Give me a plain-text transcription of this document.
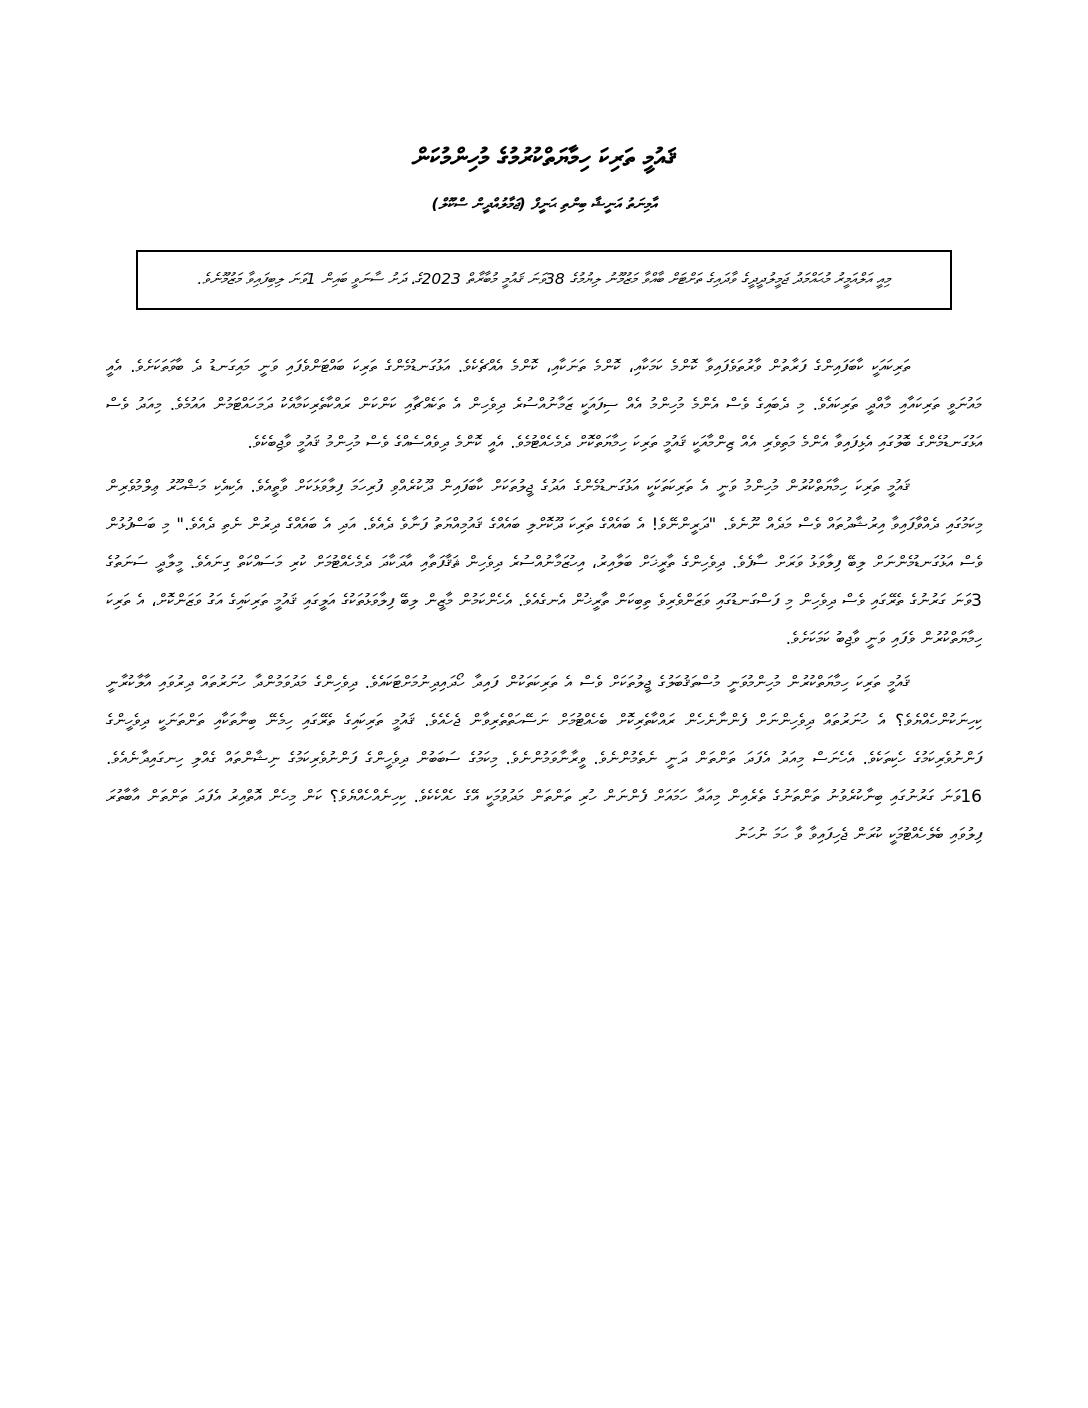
ޤައުމީ ތަރިކަ ހިމާޔަތްކުރުމުގެ މުހިންމުކަން
އާމިނަތު އަނީޝާ ބިންތި ޙަނީފް (ޖަމާލުއްދީން ސްކޫލް)

މިއީ އަލްއަމީރު މުޙައްމަދު ޖަމީލުދީދީގެ ވާދައިގެ ތަށްޓަށް ބާއްވާ މަޒުމޫނު ލިޔުމުގެ 38ވަނަ ޤައުމީ މުބާރާތް 2023ގެ، ދަށު ސާނަވީ ބައިން 1ވަނަ ލިބިފައިވާ މަޒުމޫނެވެ.

ތަރިކައަކީ ކާބަފައިންގެ ފަރާތުން ވާރުތަވެފައިވާ ކޮންމެ ކަމަކާއި، ކޮންމެ ތަނަކާއި، ކޮންމެ އެއްޗެކެވެ. އަޅުގަނޑުމެންގެ ތަރިކަ ބައްޓަންވެފައި ވަނީ މައިގަނޑު ދެ ބާވަތަކަށެވެ. އެއީ މައުނަވީ ތަރިކައާއި މާއްދީ ތަރިކައެވެ. މި ދެބައިގެ ވެސް އެންމެ މުހިންމު އެއް ސިފައަކީ ޒަމާނުއްސުރެ ދިވެހިން އެ ތަކެއްޗާއި ކަންކަން ރައްކާތެރިކަމާއެކު ދަމަހައްޓަމުން އައުމެވެ. މިއަދު ވެސް އަޅުގަނޑުމެންގެ ބޮލުގައި އެޅިފައިވާ އެންމެ މަތިވެރި އެއް ޒިންމާއަކީ ޤައުމީ ތަރިކަ ހިމާޔަތްކޮށް ދެމެހެއްޓުމެވެ. އެއީ ކޮންމެ ދިވެއްސެއްގެ ވެސް މުހިންމު ޤައުމީ ވާޖިބެކެވެ.

ޤައުމީ ތަރިކަ ހިމާޔަތްކުރުން މުހިންމު ވަނީ އެ ތަރިކަތަކަކީ އަޅުގަނޑުމެންގެ އަދުގެ ޖީލުތަކަށް ކާބަފައިން ދޫކުރެއްވި ފުރިހަމަ ފިލާވަޅަކަށް ވާތީއެވެ. އެކިއެކި މަޝްހޫރު ޢިލްމުވެރިން މިކަމުގައި ދެއްވާފައިވާ އިރުޝާދުތައް ވެސް މަދެއް ނޫނެވެ. "ދަރީންނޭވެ! އެ ބައެއްގެ ތަރިކަ ދޫކޮށްލި ބައެއްގެ ޤައުމިއްޔަތު ފަނާވެ ދެއެވެ. އަދި އެ ބައެއްގެ ދިރުން ނެތި ދެއެވެ." މި ބަސްފުޅުން ވެސް އަޅުގަނޑުމެންނަށް ލިބޭ ފިލާވަޅު ވަރަށް ސާފެވެ. ދިވެހިންގެ ތާރީޚަށް ބަލާއިރު، އިހުޒަމާނުއްސުރެ ދިވެހިން ޘަޤާފަތާއި އާދަކާދަ ދެމެހެއްޓުމަށް ކުރި މަސައްކަތް ގިނައެވެ. މީލާދީ ސަނަތުގެ 3ވަނަ ގަރުނުގެ ތެރޭގައި ވެސް ދިވެހިން މި ފަސްގަނޑުގައި ވަޒަންވެރިވެ ތިބިކަން ތާރީޚުން އެނގެއެވެ. އެހެންކަމުން މާޒީން ލިބޭ ފިލާވަޅުތަކުގެ އަލީގައި ޤައުމީ ތަރިކައިގެ އަގު ވަޒަންކޮށް، އެ ތަރިކަ ހިމާޔަތްކުރުން ވެފައި ވަނީ ވާޖިބު ކަމަކަށެވެ.

ޤައުމީ ތަރިކަ ހިމާޔަތްކުރުން މުހިންމުވަނީ މުސްތަޤުބަލުގެ ޖީލުތަކަށް ވެސް އެ ތަރިކަތަކުން ފައިދާ ހޯދައިދިނުމަށްޓަކައެވެ. ދިވެހިންގެ މަދުވަމުންދާ ހުނަރުތައް ދިރުވައި އާލާކުރާނީ ކިހިނަކުންހެއްޔެވެ؟ އެ ހުނަރުތައް ދިވެހިންނަށް ފެންނާނެހެން ރައްކާތެރިކޮށް ބެހެއްޓުމަށް ނަސޭހަތްތެރިވާން ޖެހެއެވެ. ޤައުމީ ތަރިކައިގެ ތެރޭގައި ހިމެނޭ ބިނާތަކާއި ތަންތަނަކީ ދިވެހީންގެ ފަންނުވެރިކަމުގެ ހެކިތަކެވެ. އެހެނަސް މިއަދު އެފަދަ ތަންތަން ދަނީ ނެތެމުންނެވެ. ވީރާނާވަމުންނެވެ. މިކަމުގެ ސަބަބުން ދިވެހީންގެ ފަންނުވެރިކަމުގެ ނިޝާންތައް ގެއްލި ހިނގައިދާނެއެވެ. 16ވަނަ ގަރުނުގައި ބިނާކުރެވުނު ތަންތަނުގެ ތެރެއިން މިއަދާ ހަމައަށް ފެންނަން ހުރި ތަންތަން މަދުވުމަކީ އޭގެ ހެއްކެކެވެ. ކިހިނެއްހެއްޔެވެ؟ ކަން މިހެން އޮތްއިރު އެފަދަ ތަންތަން އާބާތުރަ ފިލުވައި ބެލެހެއްޓުމަކީ ކުރަން ޖެހިފައިވާ ވާ ހަމަ ނުހަނު
